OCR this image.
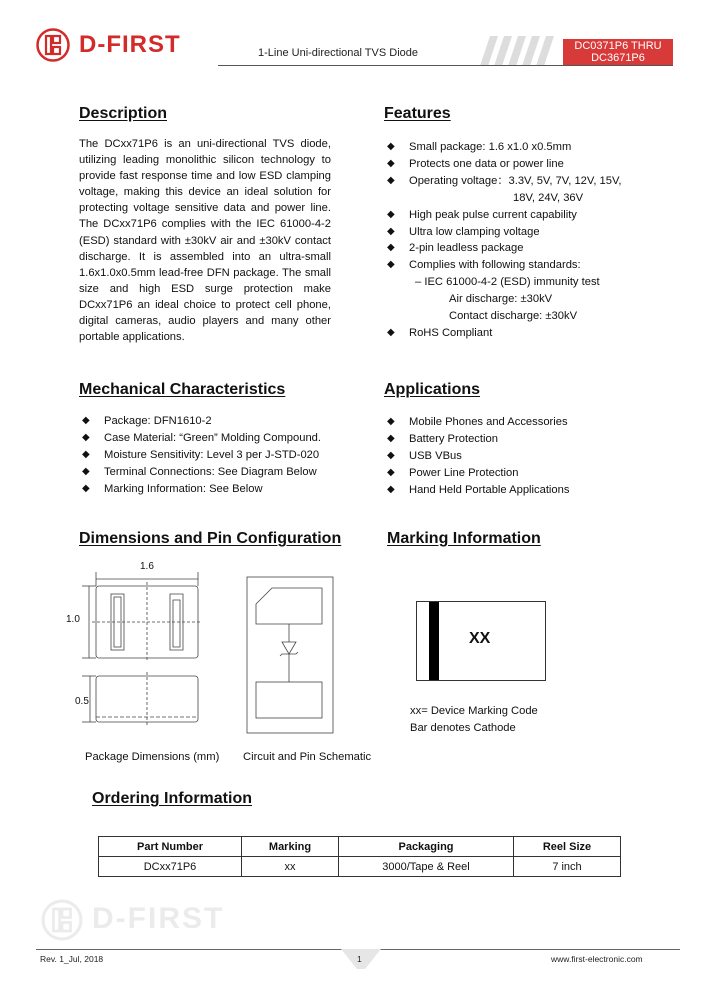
D-FIRST	1-Line Uni-directional TVS Diode
DC0371P6 THRU
DC3671P6
Description
The DCxx71P6 is an uni-directional TVS diode, utilizing leading monolithic silicon technology to provide fast response time and low ESD clamping voltage, making this device an ideal solution for protecting voltage sensitive data and power line. The DCxx71P6 complies with the IEC 61000-4-2 (ESD) standard with ±30kV air and ±30kV contact discharge. It is assembled into an ultra-small 1.6x1.0x0.5mm lead-free DFN package. The small size and high ESD surge protection make DCxx71P6 an ideal choice to protect cell phone, digital cameras, audio players and many other portable applications.
Features
◆ Small package: 1.6 x1.0 x0.5mm
◆ Protects one data or power line
◆ Operating voltage：3.3V, 5V, 7V, 12V, 15V,
18V, 24V, 36V
◆ High peak pulse current capability
◆ Ultra low clamping voltage
◆ 2-pin leadless package
◆ Complies with following standards:
– IEC 61000-4-2 (ESD) immunity test
Air discharge: ±30kV
Contact discharge: ±30kV
◆ RoHS Compliant
Mechanical Characteristics
◆ Package: DFN1610-2
◆ Case Material: “Green” Molding Compound.
◆ Moisture Sensitivity: Level 3 per J-STD-020
◆ Terminal Connections: See Diagram Below
◆ Marking Information: See Below
Applications
◆ Mobile Phones and Accessories
◆ Battery Protection
◆ USB VBus
◆ Power Line Protection
◆ Hand Held Portable Applications
Dimensions and Pin Configuration
1.6
1.0
0.5
Package Dimensions (mm) Circuit and Pin Schematic
Marking Information
XX
xx= Device Marking Code
Bar denotes Cathode
Ordering Information
Part Number	Marking	Packaging	Reel Size
DCxx71P6	xx	3000/Tape & Reel	7 inch
D-FIRST
Rev. 1_Jul, 2018	1	www.first-electronic.com
